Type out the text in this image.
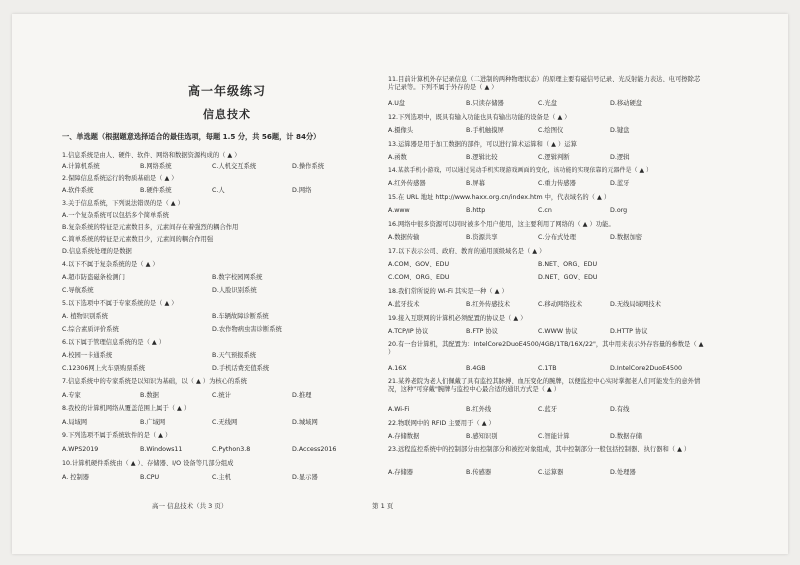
高一年级练习
信息技术
一、单选题（根据题意选择适合的最佳选项，每题 1.5 分，共 56题，计 84分）
1.信息系统是由人、硬件、软件、网络和数据资源构成的（ ▲ ）
A.计算机系统	B.网络系统	C.人机交互系统	D.操作系统
2.保障信息系统运行的物质基础是（ ▲ ）
A.软件系统	B.硬件系统	C.人	D.网络
3.关于信息系统，下列说法错误的是（ ▲ ）
A.一个复杂系统可以包括多个简单系统
B.复杂系统的特征是元素数目多，元素间存在着强烈的耦合作用
C.简单系统的特征是元素数目少，元素间的耦合作用强
D.信息系统处理的是数据
4.以下不属于复杂系统的是（ ▲ ）
A.超市防盗磁条检测门	B.数字校园网系统
C.导航系统	D.人脸识别系统
5.以下选项中不属于专家系统的是（ ▲ ）
A. 植物识别系统	B.车辆故障诊断系统
C.综合素质评价系统	D.农作物病虫害诊断系统
6.以下属于管理信息系统的是（ ▲ ）
A.校园一卡通系统	B.天气预报系统
C.12306网上火车票购票系统	D.手机话费充值系统
7.信息系统中的专家系统是以知识为基础，以（ ▲ ）为核心的系统
A.专家	B.数据	C.统计	D.推理
8.我校的计算机网络从覆盖范围上属于（ ▲ ）
A.局域网	B.广域网	C.无线网	D.城域网
9.下列选项不属于系统软件的是（ ▲ ）
A.WPS2019	B.Windows11	C.Python3.8	D.Access2016
10.计算机硬件系统由（ ▲ ）、存储器、I/O 设备等几部分组成
A. 控制器	B.CPU	C.主机	D.显示器
11.目前计算机外存记录信息（二进制的两种物理状态）的原理主要有磁信号记录、光反射能力表达、电可擦除芯片记录等。下列不属于外存的是（ ▲ ）
A.U盘	B.只读存储器	C.光盘	D.移动硬盘
12.下列选项中，既具有输入功能也具有输出功能的设备是（ ▲ ）
A.摄像头	B.手机触摸屏	C.绘图仪	D.键盘
13.运算器是用于加工数据的部件，可以进行算术运算和（ ▲ ）运算
A.函数	B.逻辑比较	C.逻辑判断	D.逻辑
14.某款手机小游戏，可以通过晃动手机实现游戏画面的变化，该功能的实现依靠的元器件是（ ▲ ）
A.红外传感器	B.屏幕	C.重力传感器	D.蓝牙
15.在 URL 地址 http://www.haxx.org.cn/index.htm 中，代表域名的（ ▲ ）
A.www	B.http	C.cn	D.org
16.网络中很多资源可以同时被多个用户使用，这主要利用了网络的（ ▲ ）功能。
A.数据传输	B.资源共享	C.分布式处理	D.数据加密
17.以下表示公司、政府、教育的通用顶级域名是（ ▲ ）
A.COM、GOV、EDU	B.NET、ORG、EDU
C.COM、ORG、EDU	D.NET、GOV、EDU
18.我们常所说的 Wi-Fi 其实是一种（ ▲ ）
A.蓝牙技术	B.红外传感技术	C.移动网络技术	D.无线局域网技术
19.接入互联网的计算机必须配置的协议是（ ▲ ）
A.TCP/IP 协议	B.FTP 协议	C.WWW 协议	D.HTTP 协议
20.有一台计算机，其配置为：IntelCore2DuoE4500/4GB/1TB/16X/22"，其中用来表示外存容量的参数是（ ▲ ）
A.16X	B.4GB	C.1TB	D.IntelCore2DuoE4500
21.某养老院为老人们佩戴了具有监控其脉搏、血压变化的腕牌，以便监控中心实时掌握老人们可能发生的意外情况，这种"可穿戴"腕牌与监控中心最合适的通讯方式是（ ▲ ）
A.Wi-Fi	B.红外线	C.蓝牙	D.有线
22.物联网中的 RFID 主要用于（ ▲ ）
A.存储数据	B.感知识别	C.智能计算	D.数据存储
23.远程监控系统中的控制部分由控制部分和被控对象组成，其中控制部分一般包括控制器、执行器和（ ▲ ）
A.存储器	B.传感器	C.运算器	D.处理器
高一 信息技术（共 3 页）	第 1 页
